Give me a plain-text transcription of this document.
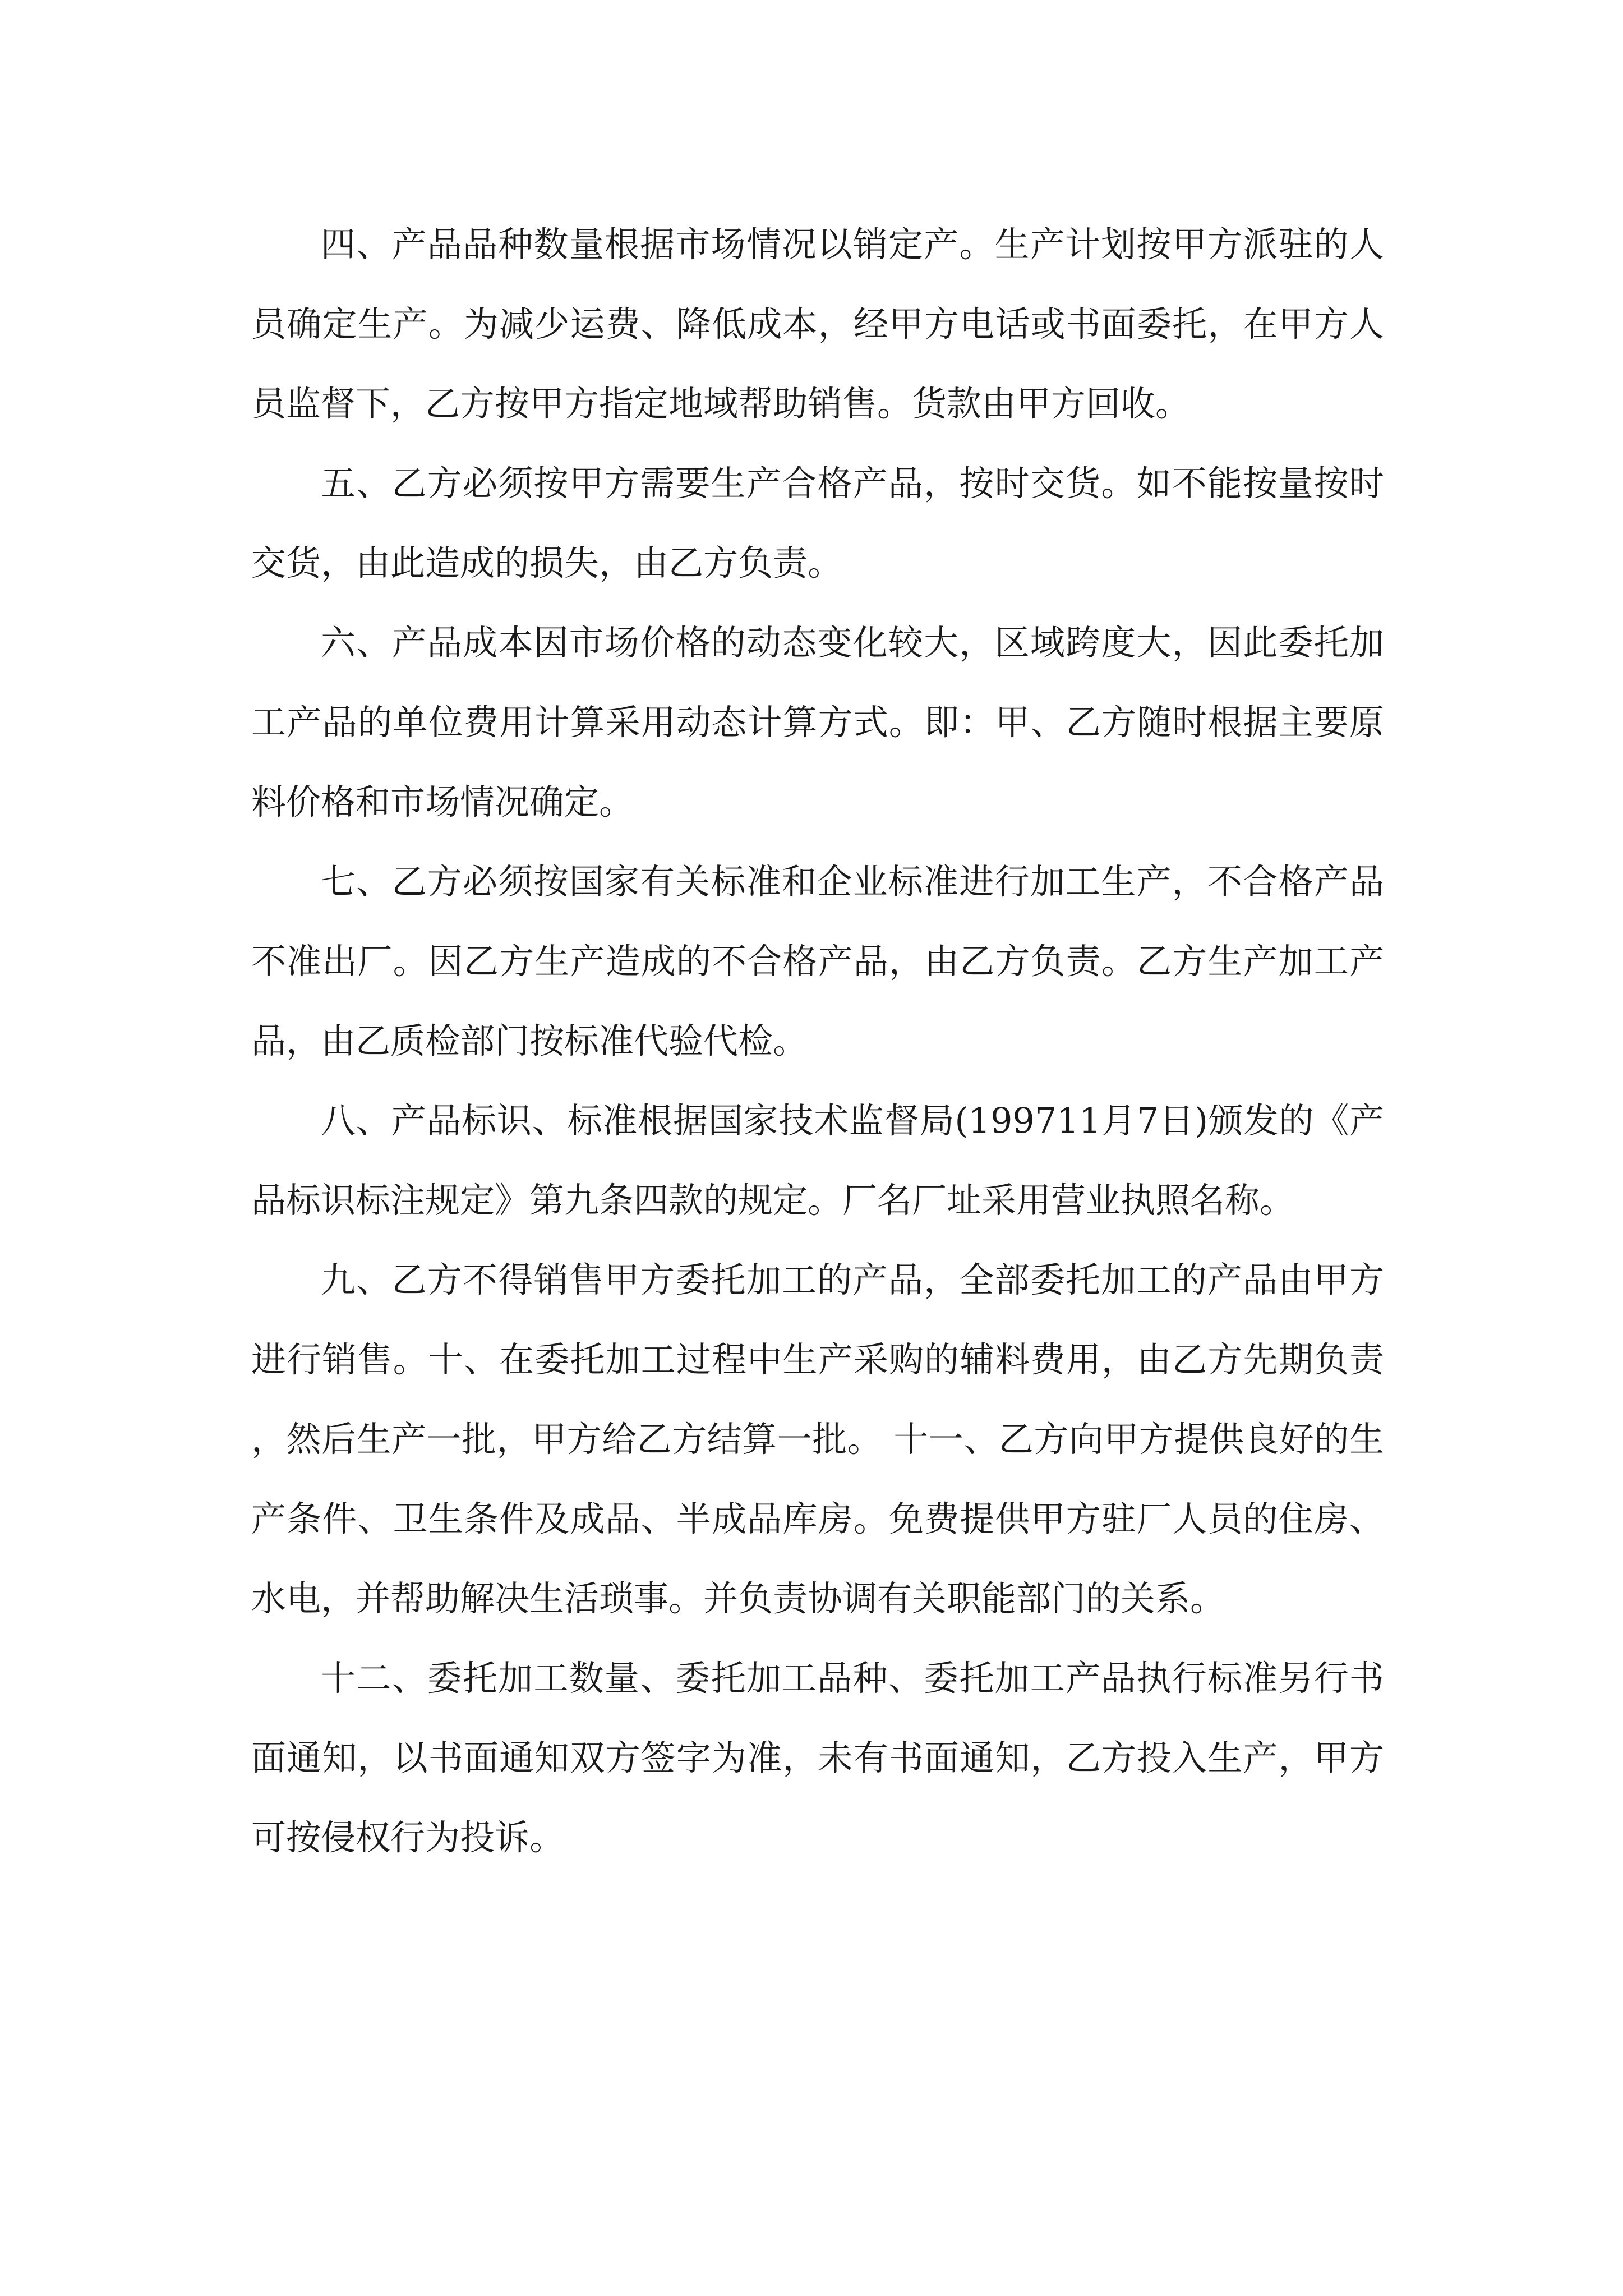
四、产品品种数量根据市场情况以销定产。生产计划按甲方派驻的人员确定生产。为减少运费、降低成本，经甲方电话或书面委托，在甲方人员监督下，乙方按甲方指定地域帮助销售。货款由甲方回收。

五、乙方必须按甲方需要生产合格产品，按时交货。如不能按量按时交货，由此造成的损失，由乙方负责。

六、产品成本因市场价格的动态变化较大，区域跨度大，因此委托加工产品的单位费用计算采用动态计算方式。即：甲、乙方随时根据主要原料价格和市场情况确定。

七、乙方必须按国家有关标准和企业标准进行加工生产，不合格产品不准出厂。因乙方生产造成的不合格产品，由乙方负责。乙方生产加工产品，由乙质检部门按标准代验代检。

八、产品标识、标准根据国家技术监督局(199711月7日)颁发的《产品标识标注规定》第九条四款的规定。厂名厂址采用营业执照名称。

九、乙方不得销售甲方委托加工的产品，全部委托加工的产品由甲方进行销售。十、在委托加工过程中生产采购的辅料费用，由乙方先期负责，然后生产一批，甲方给乙方结算一批。 十一、乙方向甲方提供良好的生产条件、卫生条件及成品、半成品库房。免费提供甲方驻厂人员的住房、水电，并帮助解决生活琐事。并负责协调有关职能部门的关系。

十二、委托加工数量、委托加工品种、委托加工产品执行标准另行书面通知，以书面通知双方签字为准，未有书面通知，乙方投入生产，甲方可按侵权行为投诉。
